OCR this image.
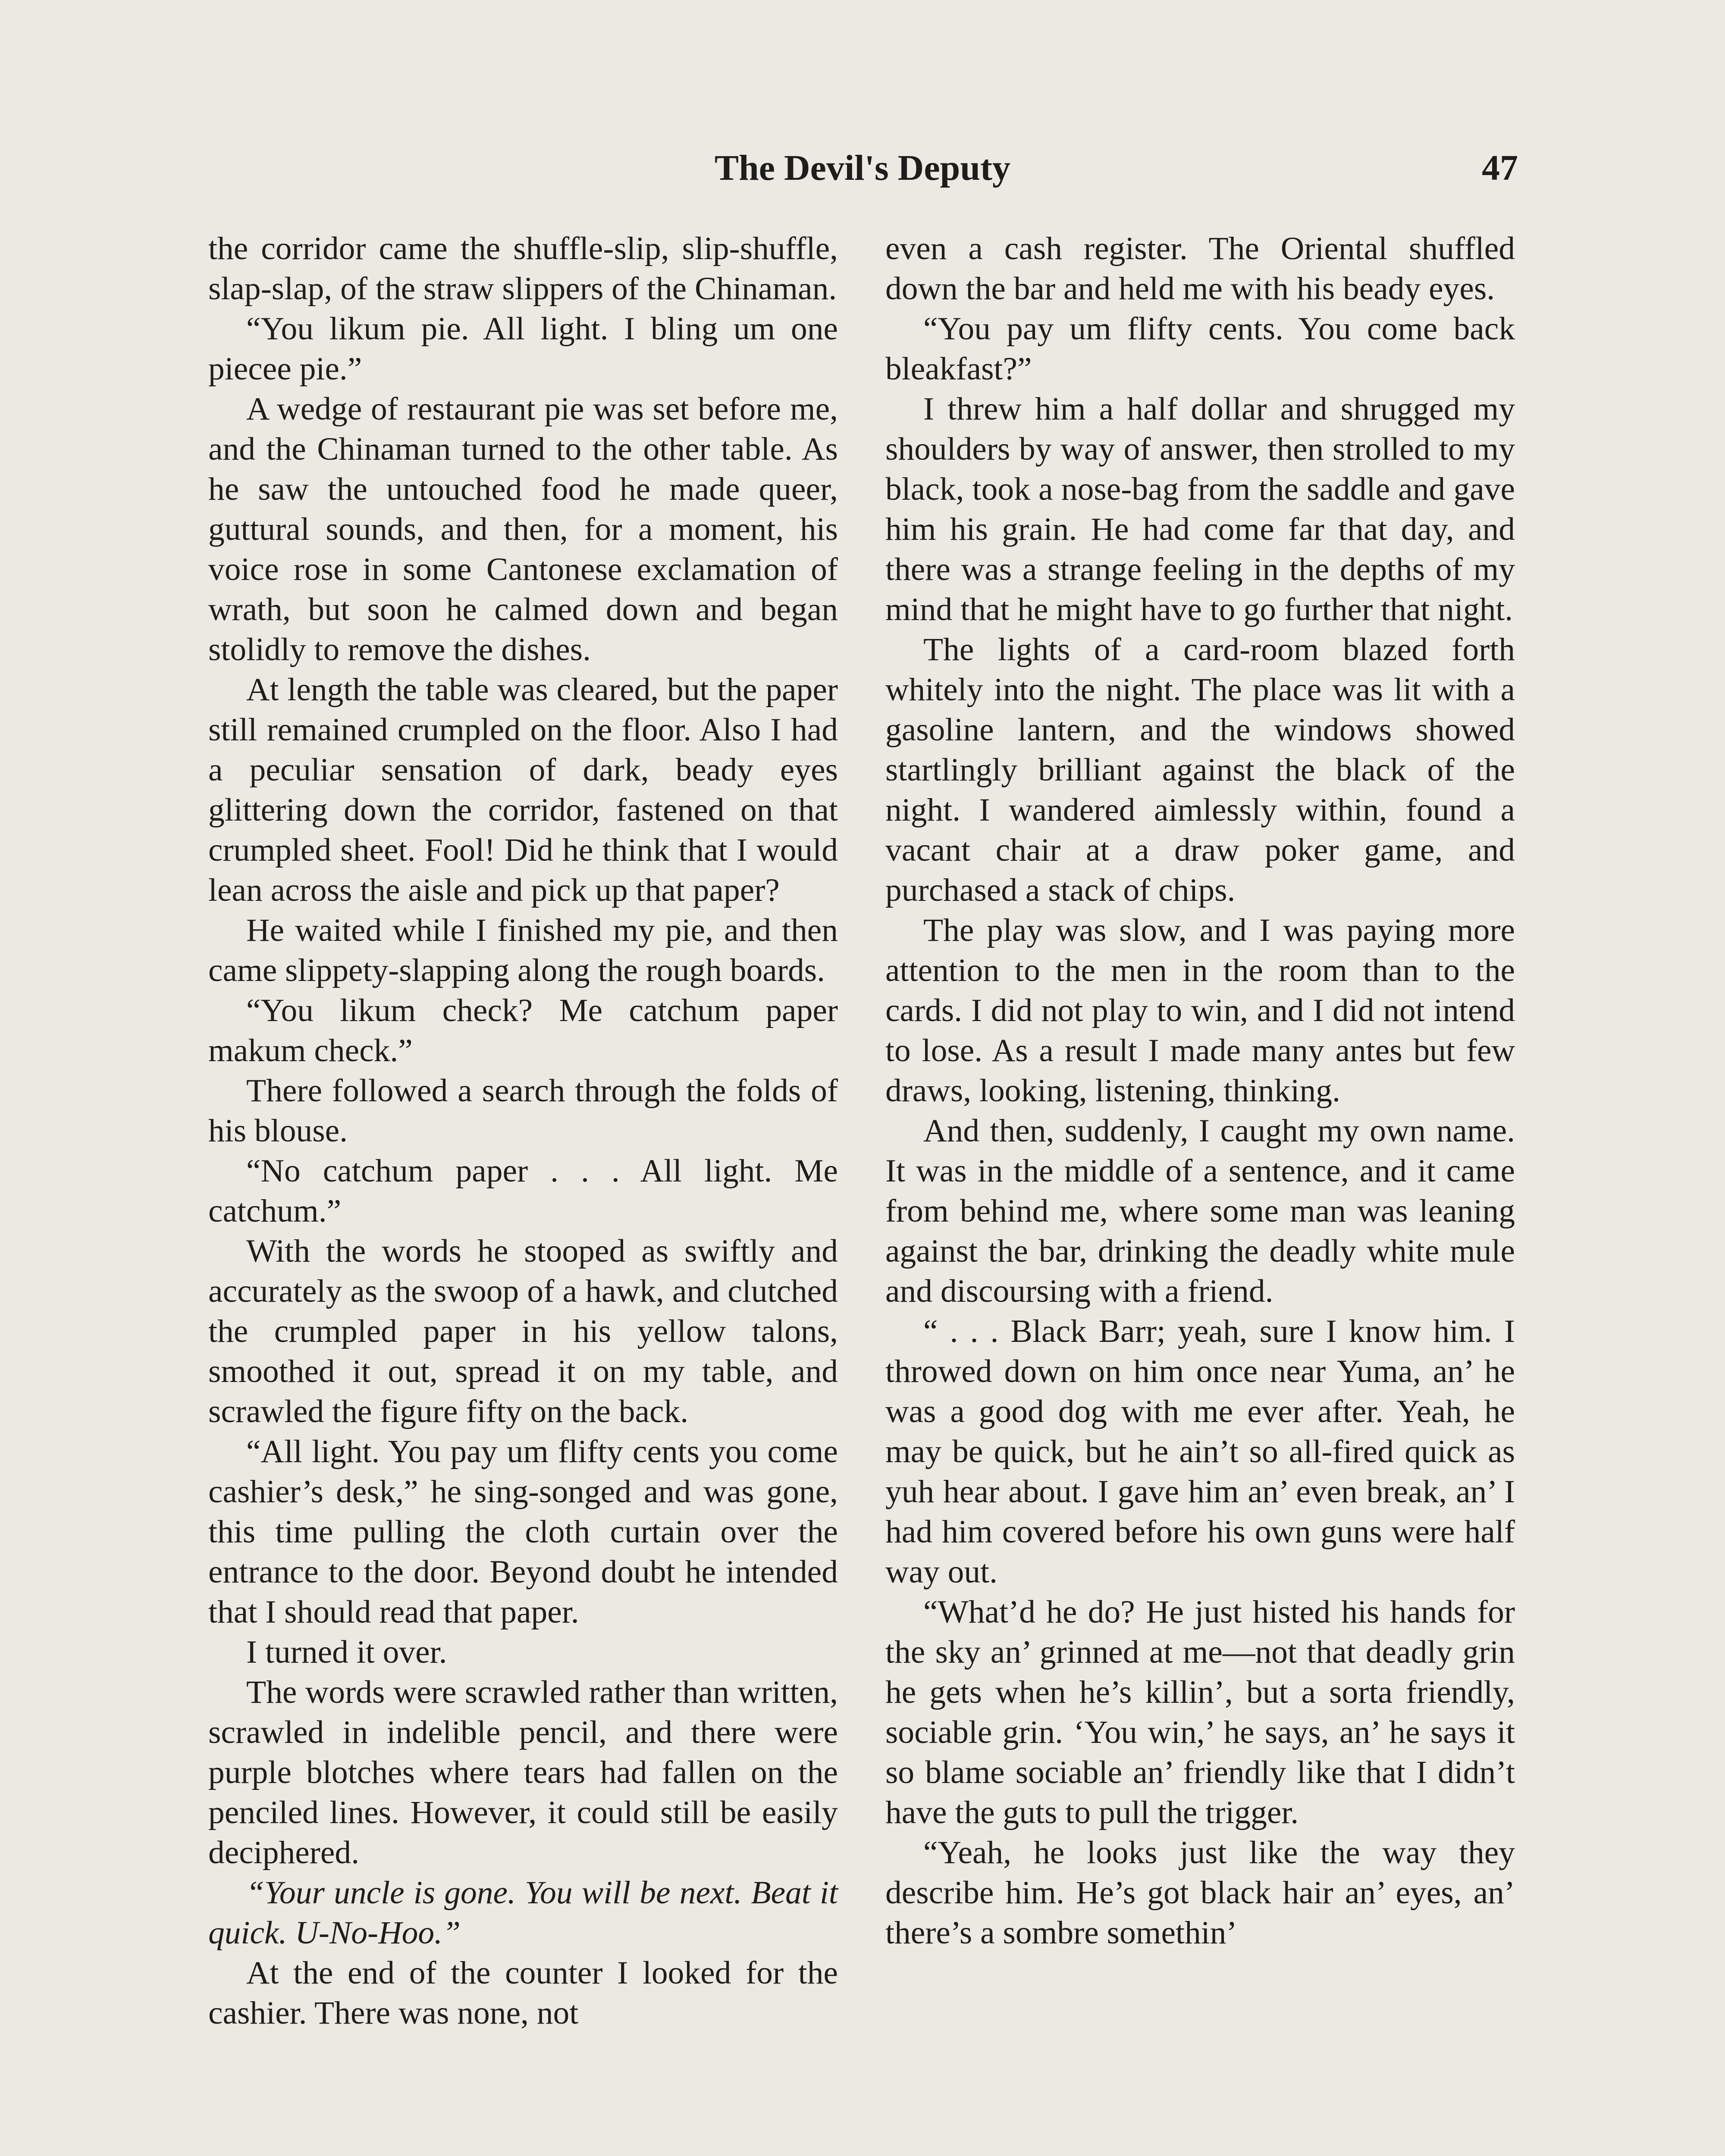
The Devil's Deputy	47

the corridor came the shuffle-slip, slip-shuffle, slap-slap, of the straw slippers of the Chinaman.

“You likum pie. All light. I bling um one piecee pie.”

A wedge of restaurant pie was set before me, and the Chinaman turned to the other table. As he saw the untouched food he made queer, guttural sounds, and then, for a moment, his voice rose in some Cantonese exclamation of wrath, but soon he calmed down and began stolidly to remove the dishes.

At length the table was cleared, but the paper still remained crumpled on the floor. Also I had a peculiar sensation of dark, beady eyes glittering down the corridor, fastened on that crumpled sheet. Fool! Did he think that I would lean across the aisle and pick up that paper?

He waited while I finished my pie, and then came slippety-slapping along the rough boards.

“You likum check? Me catchum paper makum check.”

There followed a search through the folds of his blouse.

“No catchum paper . . . All light. Me catchum.”

With the words he stooped as swiftly and accurately as the swoop of a hawk, and clutched the crumpled paper in his yellow talons, smoothed it out, spread it on my table, and scrawled the figure fifty on the back.

“All light. You pay um flifty cents you come cashier’s desk,” he sing-songed and was gone, this time pulling the cloth curtain over the entrance to the door. Beyond doubt he intended that I should read that paper.

I turned it over.

The words were scrawled rather than written, scrawled in indelible pencil, and there were purple blotches where tears had fallen on the penciled lines. However, it could still be easily deciphered.

“Your uncle is gone. You will be next. Beat it quick. U-No-Hoo.”

At the end of the counter I looked for the cashier. There was none, not

even a cash register. The Oriental shuffled down the bar and held me with his beady eyes.

“You pay um flifty cents. You come back bleakfast?”

I threw him a half dollar and shrugged my shoulders by way of answer, then strolled to my black, took a nose-bag from the saddle and gave him his grain. He had come far that day, and there was a strange feeling in the depths of my mind that he might have to go further that night.

The lights of a card-room blazed forth whitely into the night. The place was lit with a gasoline lantern, and the windows showed startlingly brilliant against the black of the night. I wandered aimlessly within, found a vacant chair at a draw poker game, and purchased a stack of chips.

The play was slow, and I was paying more attention to the men in the room than to the cards. I did not play to win, and I did not intend to lose. As a result I made many antes but few draws, looking, listening, thinking.

And then, suddenly, I caught my own name. It was in the middle of a sentence, and it came from behind me, where some man was leaning against the bar, drinking the deadly white mule and discoursing with a friend.

“ . . . Black Barr; yeah, sure I know him. I throwed down on him once near Yuma, an’ he was a good dog with me ever after. Yeah, he may be quick, but he ain’t so all-fired quick as yuh hear about. I gave him an’ even break, an’ I had him covered before his own guns were half way out.

“What’d he do? He just histed his hands for the sky an’ grinned at me—not that deadly grin he gets when he’s killin’, but a sorta friendly, sociable grin. ‘You win,’ he says, an’ he says it so blame sociable an’ friendly like that I didn’t have the guts to pull the trigger.

“Yeah, he looks just like the way they describe him. He’s got black hair an’ eyes, an’ there’s a sombre somethin’
